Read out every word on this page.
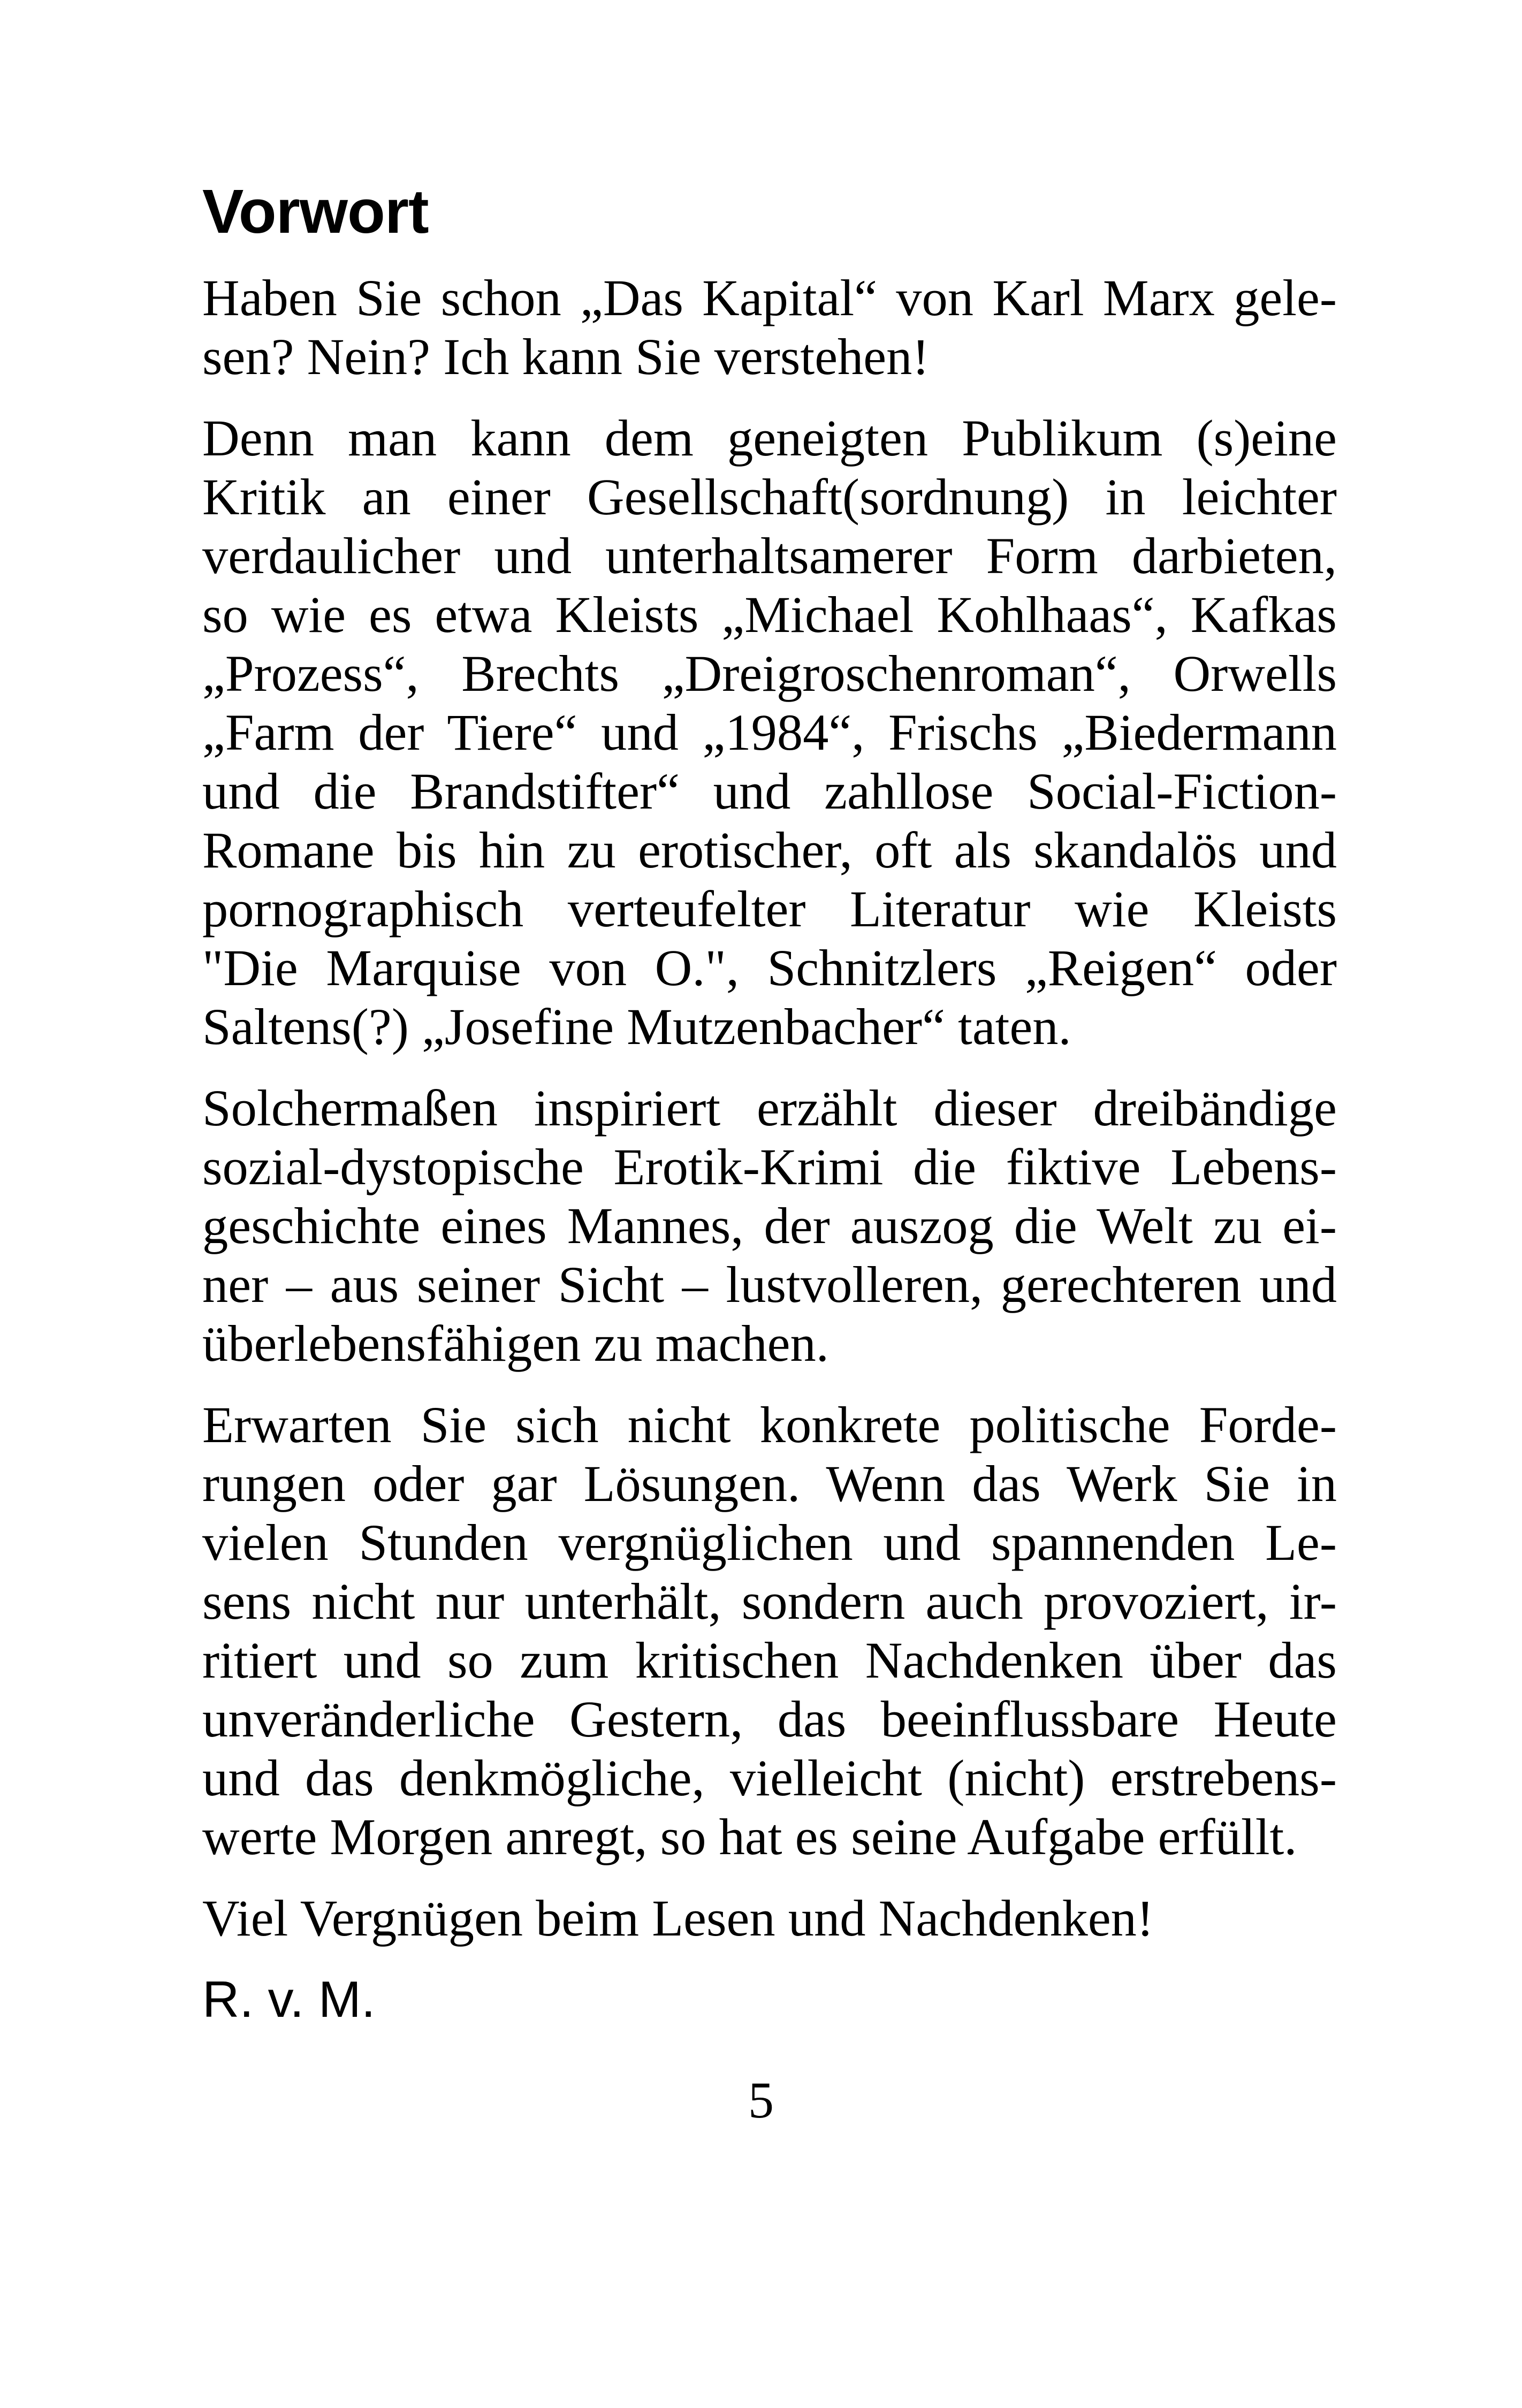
Vorwort

Haben Sie schon „Das Kapital“ von Karl Marx gele-
sen? Nein? Ich kann Sie verstehen!

Denn man kann dem geneigten Publikum (s)eine
Kritik an einer Gesellschaft(sordnung) in leichter
verdaulicher und unterhaltsamerer Form darbieten,
so wie es etwa Kleists „Michael Kohlhaas“, Kafkas
„Prozess“, Brechts „Dreigroschenroman“, Orwells
„Farm der Tiere“ und „1984“, Frischs „Biedermann
und die Brandstifter“ und zahllose Social-Fiction-
Romane bis hin zu erotischer, oft als skandalös und
pornographisch verteufelter Literatur wie Kleists
"Die Marquise von O.", Schnitzlers „Reigen“ oder
Saltens(?) „Josefine Mutzenbacher“ taten.

Solchermaßen inspiriert erzählt dieser dreibändige
sozial-dystopische Erotik-Krimi die fiktive Lebens-
geschichte eines Mannes, der auszog die Welt zu ei-
ner – aus seiner Sicht – lustvolleren, gerechteren und
überlebensfähigen zu machen.

Erwarten Sie sich nicht konkrete politische Forde-
rungen oder gar Lösungen. Wenn das Werk Sie in
vielen Stunden vergnüglichen und spannenden Le-
sens nicht nur unterhält, sondern auch provoziert, ir-
ritiert und so zum kritischen Nachdenken über das
unveränderliche Gestern, das beeinflussbare Heute
und das denkmögliche, vielleicht (nicht) erstrebens-
werte Morgen anregt, so hat es seine Aufgabe erfüllt.

Viel Vergnügen beim Lesen und Nachdenken!

R. v. M.

5
